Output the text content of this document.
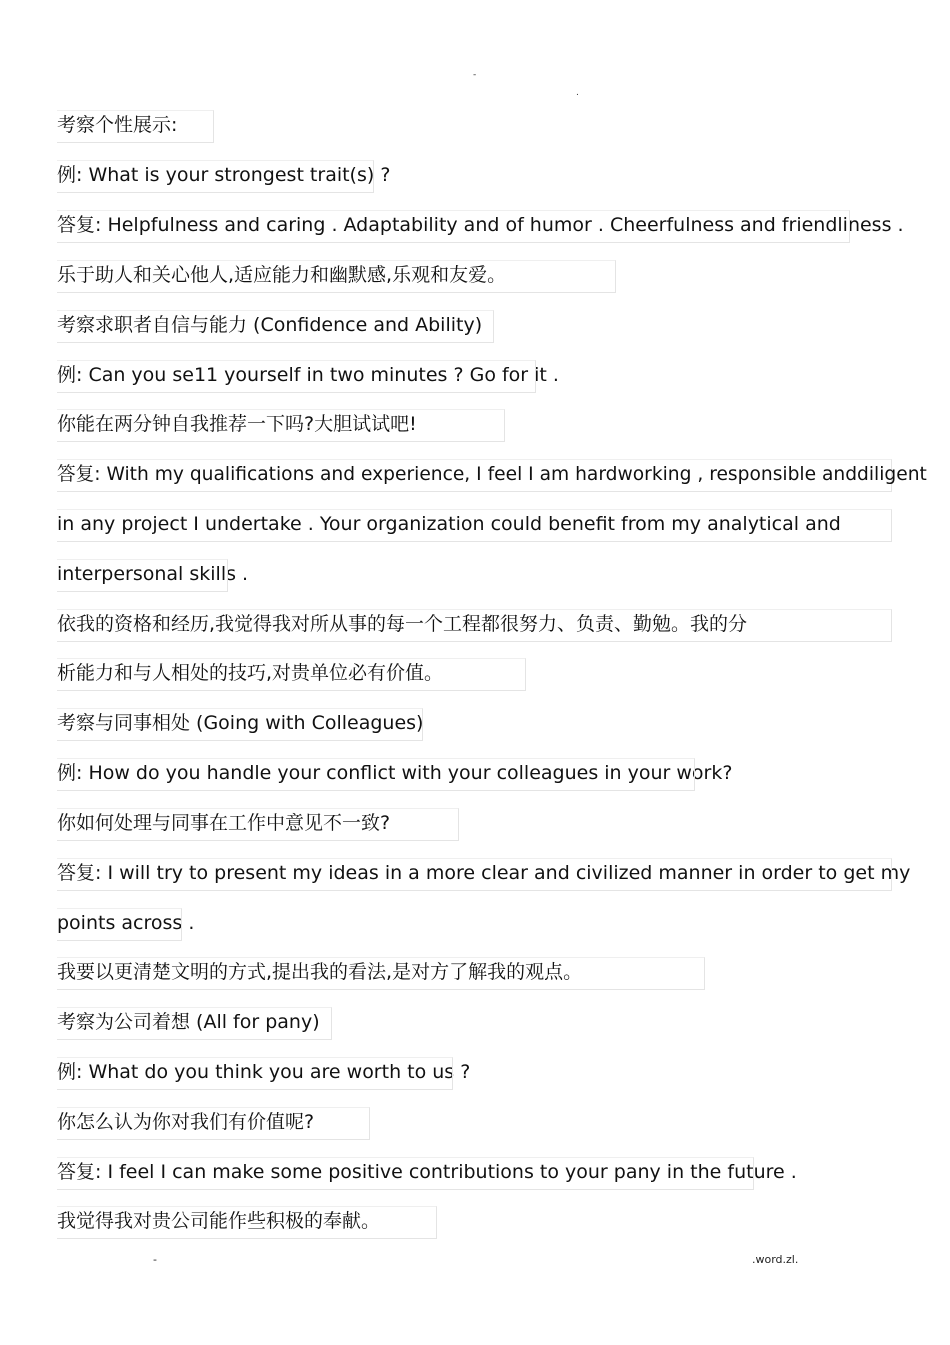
-
.
考察个性展示:
例: What is your strongest trait(s) ?
答复: Helpfulness and caring . Adaptability and of humor . Cheerfulness and friendliness .
乐于助人和关心他人,适应能力和幽默感,乐观和友爱。
考察求职者自信与能力 (Confidence and Ability)
例: Can you se11 yourself in two minutes ? Go for it .
你能在两分钟自我推荐一下吗?大胆试试吧!
答复: With my qualifications and experience, I feel I am hardworking , responsible anddiligent
in any project I undertake . Your organization could benefit from my analytical and
interpersonal skills .
依我的资格和经历,我觉得我对所从事的每一个工程都很努力、负责、勤勉。我的分
析能力和与人相处的技巧,对贵单位必有价值。
考察与同事相处 (Going with Colleagues)
例: How do you handle your conflict with your colleagues in your work?
你如何处理与同事在工作中意见不一致?
答复: I will try to present my ideas in a more clear and civilized manner in order to get my
points across .
我要以更清楚文明的方式,提出我的看法,是对方了解我的观点。
考察为公司着想 (All for pany)
例: What do you think you are worth to us ?
你怎么认为你对我们有价值呢?
答复: I feel I can make some positive contributions to your pany in the future .
我觉得我对贵公司能作些积极的奉献。
-	.word.zl.
